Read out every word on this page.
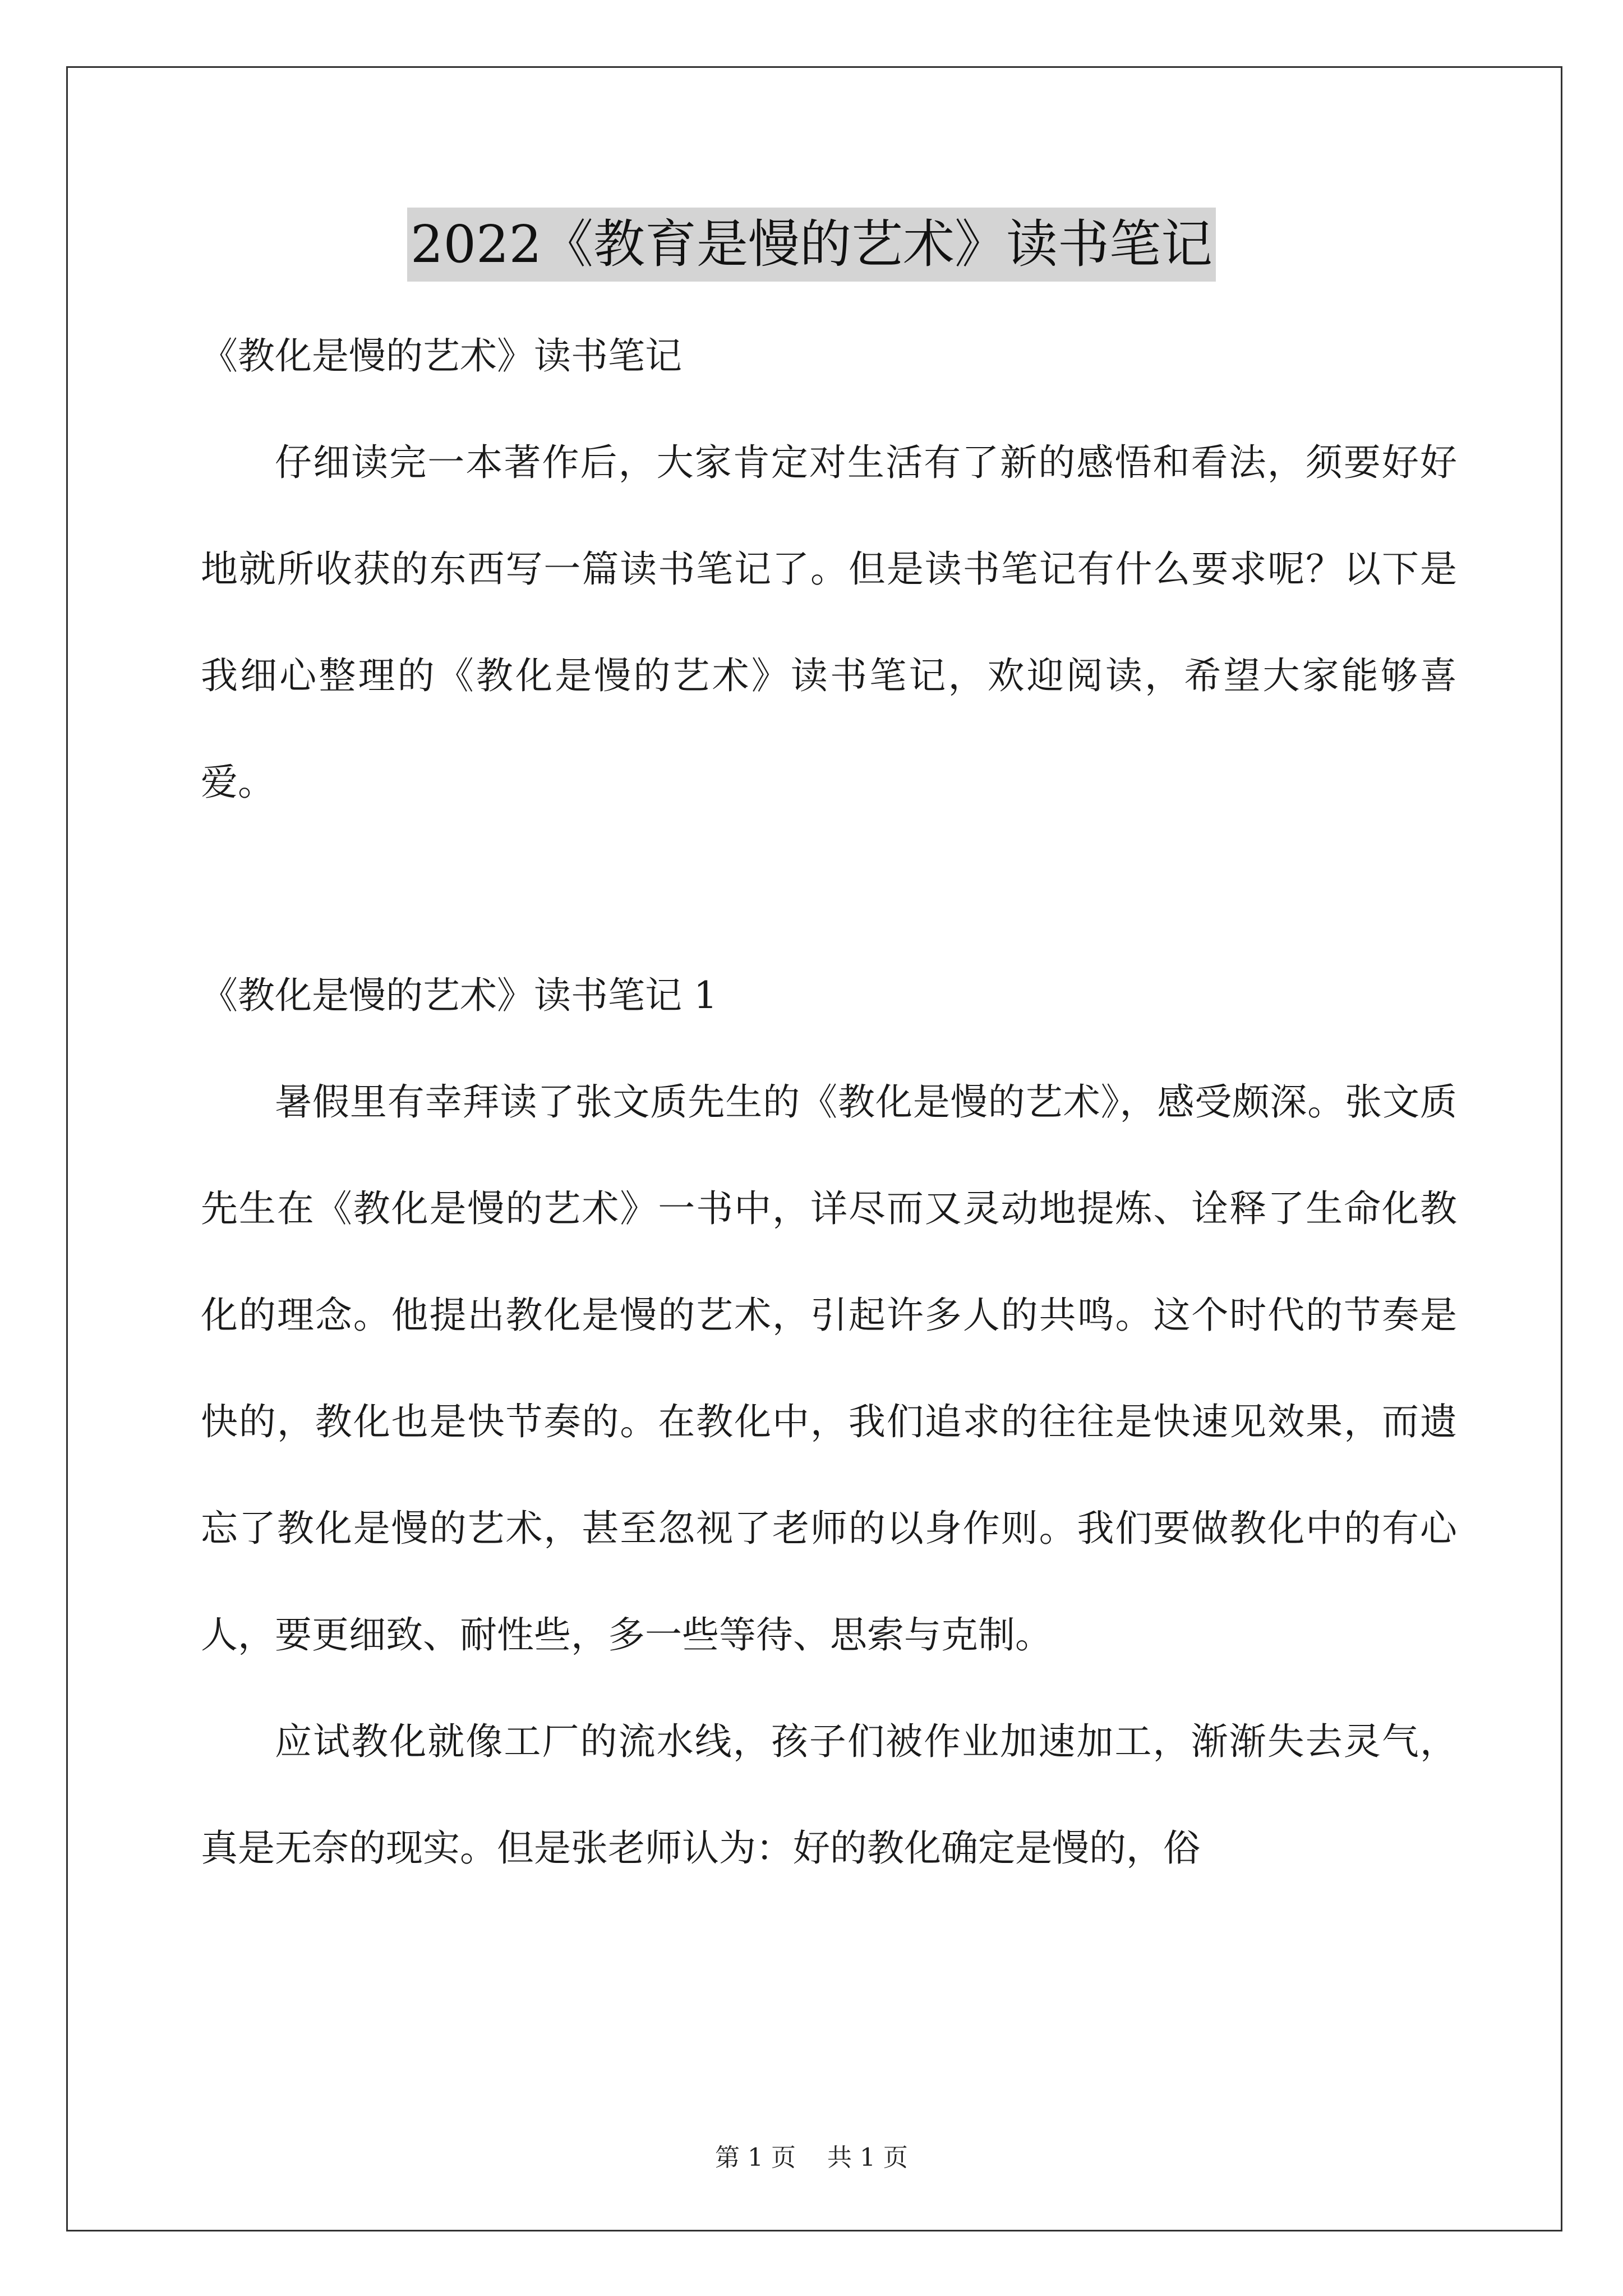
2022《教育是慢的艺术》读书笔记

《教化是慢的艺术》读书笔记

仔细读完一本著作后，大家肯定对生活有了新的感悟和看法，须要好好地就所收获的东西写一篇读书笔记了。但是读书笔记有什么要求呢？以下是我细心整理的《教化是慢的艺术》读书笔记，欢迎阅读，希望大家能够喜爱。

《教化是慢的艺术》读书笔记 1

暑假里有幸拜读了张文质先生的《教化是慢的艺术》，感受颇深。张文质先生在《教化是慢的艺术》一书中，详尽而又灵动地提炼、诠释了生命化教化的理念。他提出教化是慢的艺术，引起许多人的共鸣。这个时代的节奏是快的，教化也是快节奏的。在教化中，我们追求的往往是快速见效果，而遗忘了教化是慢的艺术，甚至忽视了老师的以身作则。我们要做教化中的有心人，要更细致、耐性些，多一些等待、思索与克制。

应试教化就像工厂的流水线，孩子们被作业加速加工，渐渐失去灵气，真是无奈的现实。但是张老师认为：好的教化确定是慢的，俗

第 1 页    共 1 页
